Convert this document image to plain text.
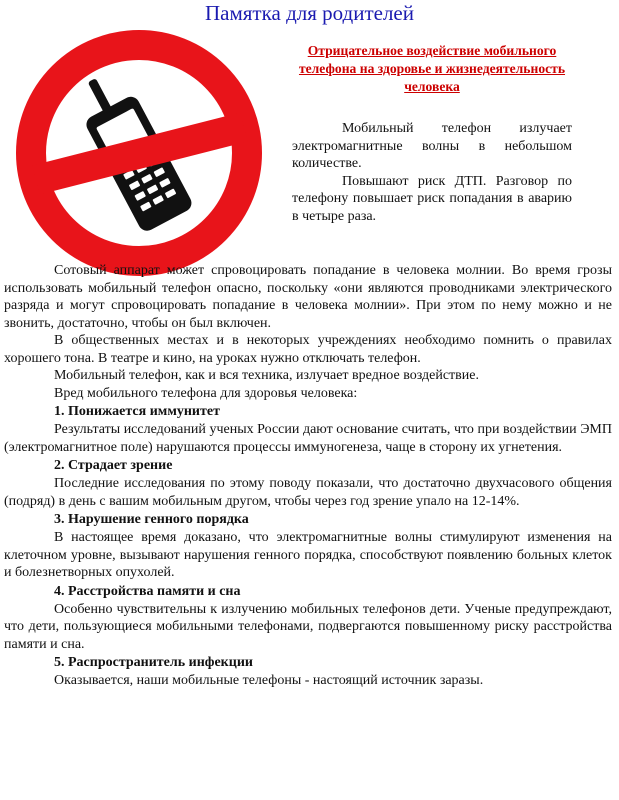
Памятка для родителей
Отрицательное воздействие мобильного телефона на здоровье и жизнедеятельность человека

Мобильный телефон излучает электромагнитные волны в небольшом количестве.

Повышают риск ДТП. Разговор по телефону повышает риск попадания в аварию в четыре раза.

Сотовый аппарат может спровоцировать попадание в человека молнии. Во время грозы использовать мобильный телефон опасно, поскольку «они являются проводниками электрического разряда и могут спровоцировать попадание в человека молнии». При этом по нему можно и не звонить, достаточно, чтобы он был включен.

В общественных местах и в некоторых учреждениях необходимо помнить о правилах хорошего тона. В театре и кино, на уроках нужно отключать телефон.

Мобильный телефон, как и вся техника, излучает вредное воздействие.

Вред мобильного телефона для здоровья человека:

1. Понижается иммунитет

Результаты исследований ученых России дают основание считать, что при воздействии ЭМП (электромагнитное поле) нарушаются процессы иммуногенеза, чаще в сторону их угнетения.

2. Страдает зрение

Последние исследования по этому поводу показали, что достаточно двухчасового общения (подряд) в день с вашим мобильным другом, чтобы через год зрение упало на 12-14%.

3. Нарушение генного порядка

В настоящее время доказано, что электромагнитные волны стимулируют изменения на клеточном уровне, вызывают нарушения генного порядка, способствуют появлению больных клеток и болезнетворных опухолей.

4. Расстройства памяти и сна

Особенно чувствительны к излучению мобильных телефонов дети. Ученые предупреждают, что дети, пользующиеся мобильными телефонами, подвергаются повышенному риску расстройства памяти и сна.

5. Распространитель инфекции

Оказывается, наши мобильные телефоны - настоящий источник заразы.
